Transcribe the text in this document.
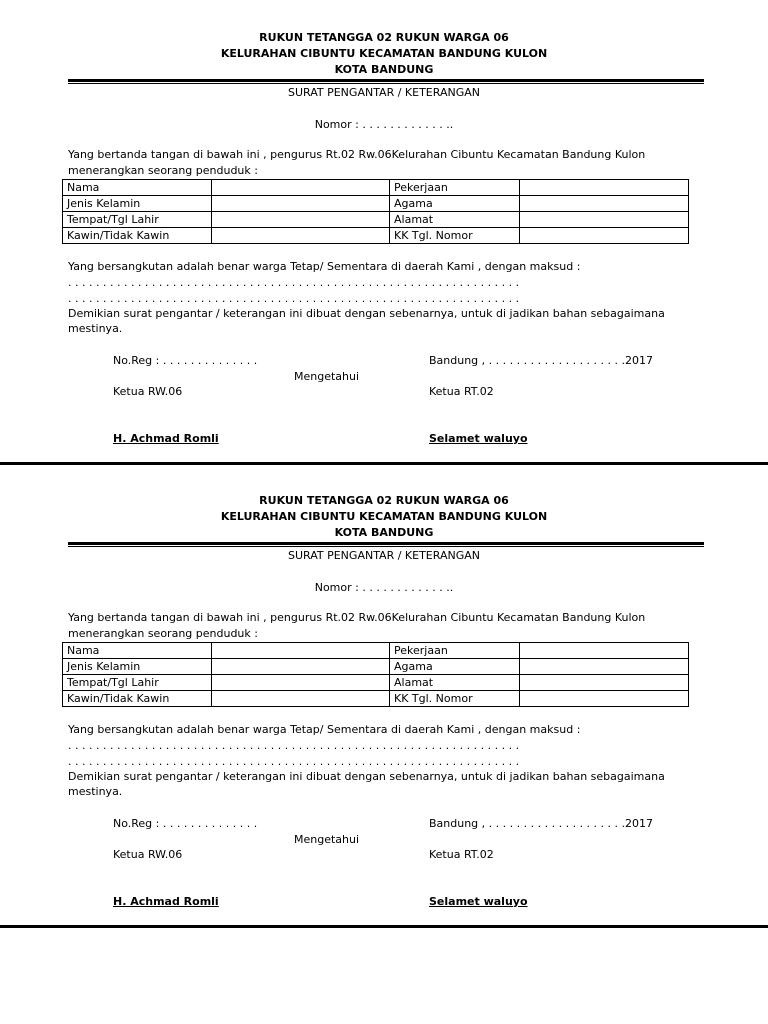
RUKUN TETANGGA 02 RUKUN WARGA 06
KELURAHAN CIBUNTU KECAMATAN BANDUNG KULON
KOTA BANDUNG
SURAT PENGANTAR / KETERANGAN
Nomor : . . . . . . . . . . . . ..
Yang bertanda tangan di bawah ini , pengurus Rt.02 Rw.06Kelurahan Cibuntu Kecamatan Bandung Kulon
menerangkan seorang penduduk :
Nama		Pekerjaan	
Jenis Kelamin		Agama	
Tempat/Tgl Lahir		Alamat	
Kawin/Tidak Kawin		KK Tgl. Nomor	
Yang bersangkutan adalah benar warga Tetap/ Sementara di daerah Kami , dengan maksud :
. . . . . . . . . . . . . . . . . . . . . . . . . . . . . . . . . . . . . . . . . . . . . . . . . . . . . . . . . . . . . . . . .
. . . . . . . . . . . . . . . . . . . . . . . . . . . . . . . . . . . . . . . . . . . . . . . . . . . . . . . . . . . . . . . . .
Demikian surat pengantar / keterangan ini dibuat dengan sebenarnya, untuk di jadikan bahan sebagaimana
mestinya.
No.Reg : . . . . . . . . . . . . . .	Bandung , . . . . . . . . . . . . . . . . . . . .2017
Mengetahui
Ketua RW.06	Ketua RT.02
H. Achmad Romli	Selamet waluyo
RUKUN TETANGGA 02 RUKUN WARGA 06
KELURAHAN CIBUNTU KECAMATAN BANDUNG KULON
KOTA BANDUNG
SURAT PENGANTAR / KETERANGAN
Nomor : . . . . . . . . . . . . ..
Yang bertanda tangan di bawah ini , pengurus Rt.02 Rw.06Kelurahan Cibuntu Kecamatan Bandung Kulon
menerangkan seorang penduduk :
Nama		Pekerjaan	
Jenis Kelamin		Agama	
Tempat/Tgl Lahir		Alamat	
Kawin/Tidak Kawin		KK Tgl. Nomor	
Yang bersangkutan adalah benar warga Tetap/ Sementara di daerah Kami , dengan maksud :
. . . . . . . . . . . . . . . . . . . . . . . . . . . . . . . . . . . . . . . . . . . . . . . . . . . . . . . . . . . . . . . . .
. . . . . . . . . . . . . . . . . . . . . . . . . . . . . . . . . . . . . . . . . . . . . . . . . . . . . . . . . . . . . . . . .
Demikian surat pengantar / keterangan ini dibuat dengan sebenarnya, untuk di jadikan bahan sebagaimana
mestinya.
No.Reg : . . . . . . . . . . . . . .	Bandung , . . . . . . . . . . . . . . . . . . . .2017
Mengetahui
Ketua RW.06	Ketua RT.02
H. Achmad Romli	Selamet waluyo
